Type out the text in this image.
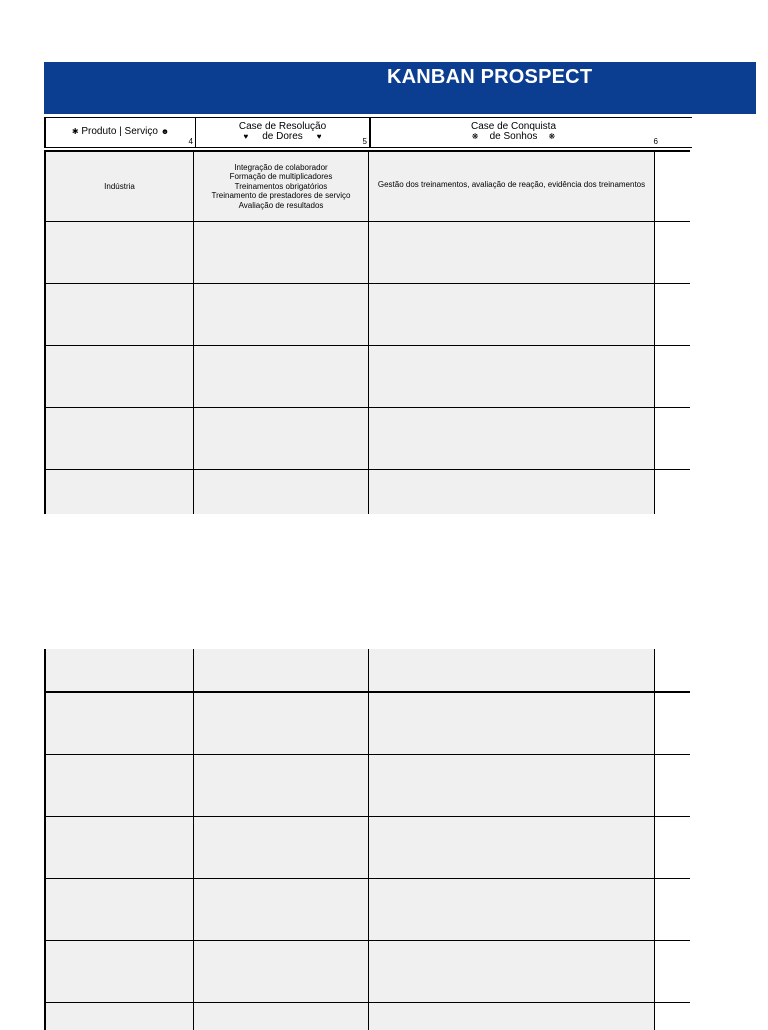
KANBAN PROSPECT
✱ Produto | Serviço ☻
4
Case de Resolução
♥ de Dores ♥
5
Case de Conquista
❋ de Sonhos ❋
6
Indústria
Integração de colaborador
Formação de multiplicadores
Treinamentos obrigatórios
Treinamento de prestadores de serviço
Avaliação de resultados
Gestão dos treinamentos, avaliação de reação, evidência dos treinamentos
